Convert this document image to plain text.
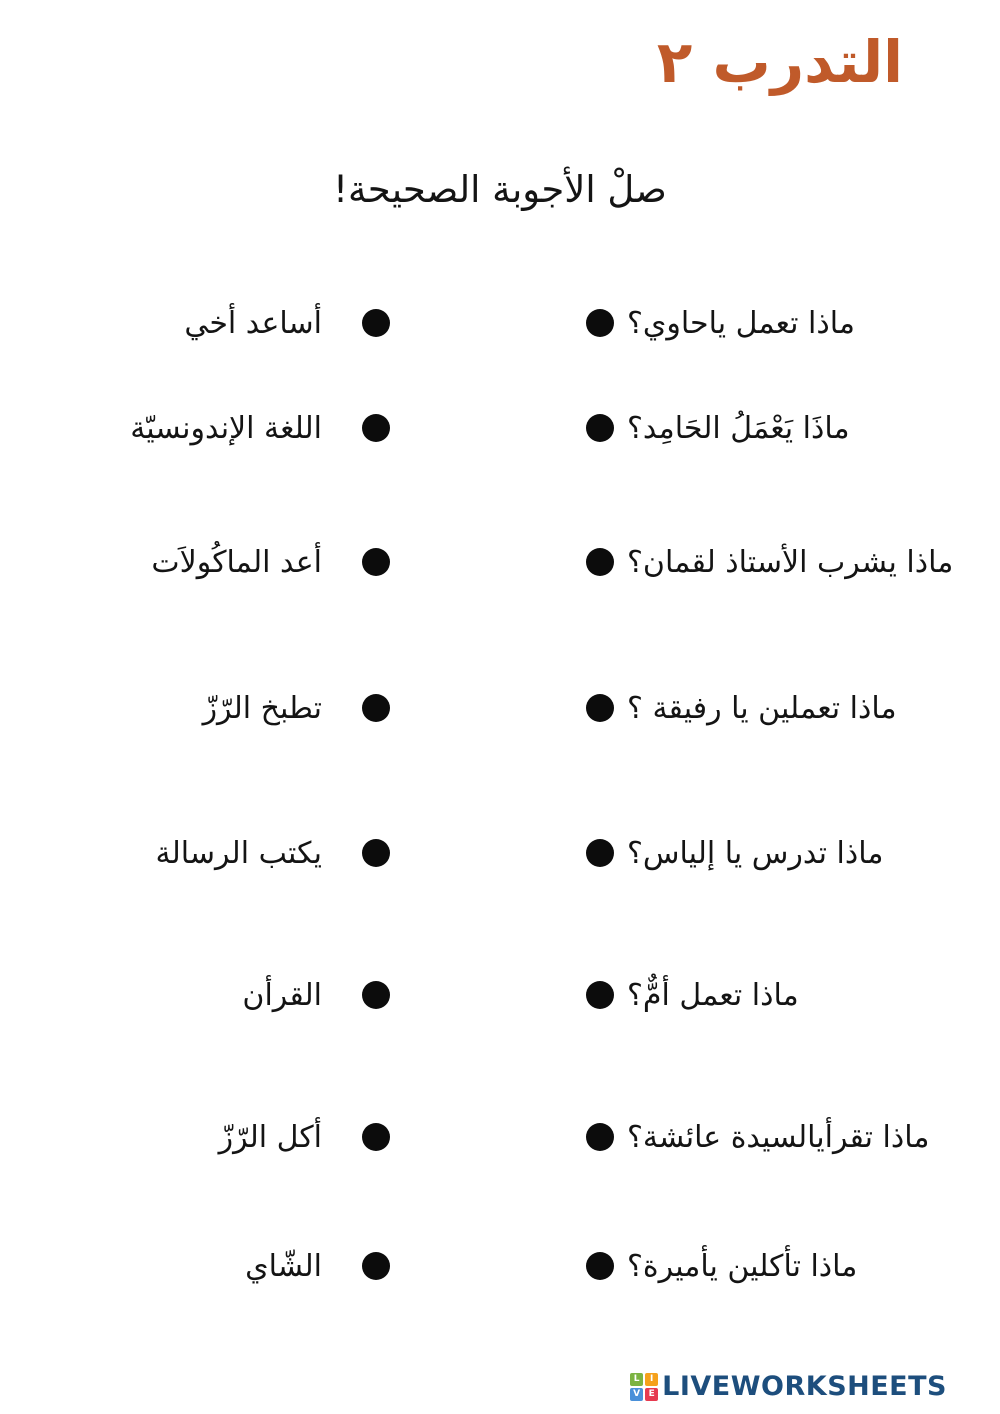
التدرب ٢
صلْ الأجوبة الصحيحة!
أساعد أخي	ماذا تعمل ياحاوي؟
اللغة الإندونسيّة	ماذَا يَعْمَلُ الحَامِد؟
أعد الماكُولاَت	ماذا يشرب الأستاذ لقمان؟
تطبخ الرّزّ	ماذا تعملين يا رفيقة ؟
يكتب الرسالة	ماذا تدرس يا إلياس؟
القرأن	ماذا تعمل أمٌّ؟
أكل الرّزّ	ماذا تقرأيالسيدة عائشة؟
الشّاي	ماذا تأكلين يأميرة؟
L	I
V E LIVEWORKSHEETS
